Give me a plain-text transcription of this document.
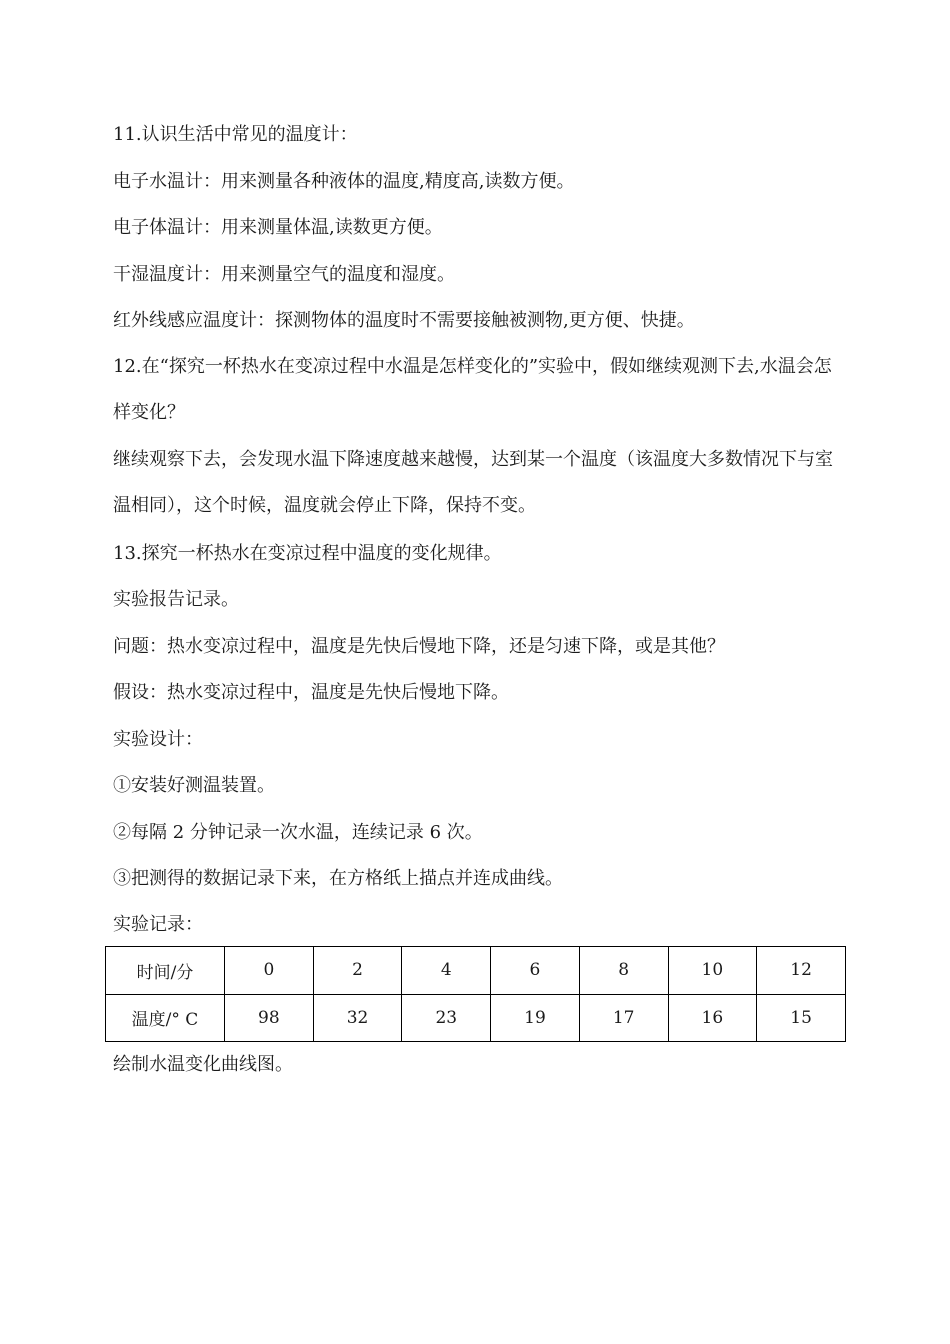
11.认识生活中常见的温度计：
电子水温计：用来测量各种液体的温度,精度高,读数方便。
电子体温计：用来测量体温,读数更方便。
干湿温度计：用来测量空气的温度和湿度。
红外线感应温度计：探测物体的温度时不需要接触被测物,更方便、快捷。
12.在“探究一杯热水在变凉过程中水温是怎样变化的”实验中，假如继续观测下去,水温会怎样变化？
继续观察下去，会发现水温下降速度越来越慢，达到某一个温度（该温度大多数情况下与室温相同），这个时候，温度就会停止下降，保持不变。
13.探究一杯热水在变凉过程中温度的变化规律。
实验报告记录。
问题：热水变凉过程中，温度是先快后慢地下降，还是匀速下降，或是其他？
假设：热水变凉过程中，温度是先快后慢地下降。
实验设计：
①安装好测温装置。
②每隔 2 分钟记录一次水温，连续记录 6 次。
③把测得的数据记录下来，在方格纸上描点并连成曲线。
实验记录：
时间/分	0	2	4	6	8	10	12
温度/° C	98	32	23	19	17	16	15
绘制水温变化曲线图。
